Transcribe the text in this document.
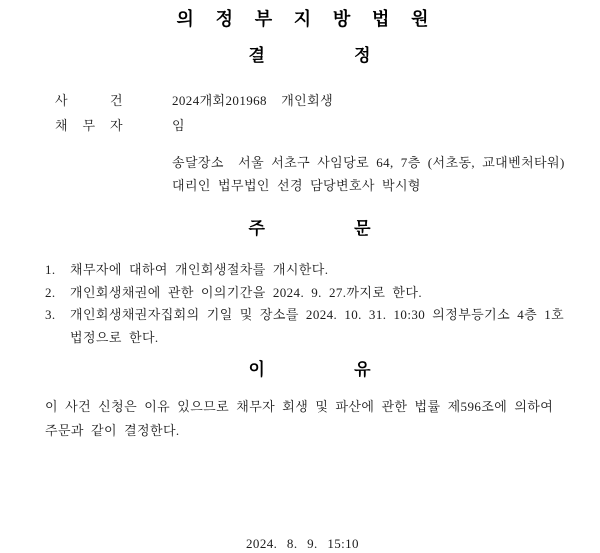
의 정 부 지 방 법 원
결	정
사	건	2024개회201968  개인회생
채 무 자	임
송달장소  서울 서초구 사임당로 64, 7층 (서초동, 교대벤처타워)
대리인 법무법인 선경 담당변호사 박시형
주	문
1.	채무자에 대하여 개인회생절차를 개시한다.
2.	개인회생채권에 관한 이의기간을 2024. 9. 27.까지로 한다.
3.	개인회생채권자집회의 기일 및 장소를 2024. 10. 31. 10:30 의정부등기소 4층 1호
법정으로 한다.
이	유
이 사건 신청은 이유 있으므로 채무자 회생 및 파산에 관한 법률 제596조에 의하여
주문과 같이 결정한다.
2024. 8. 9. 15:10
